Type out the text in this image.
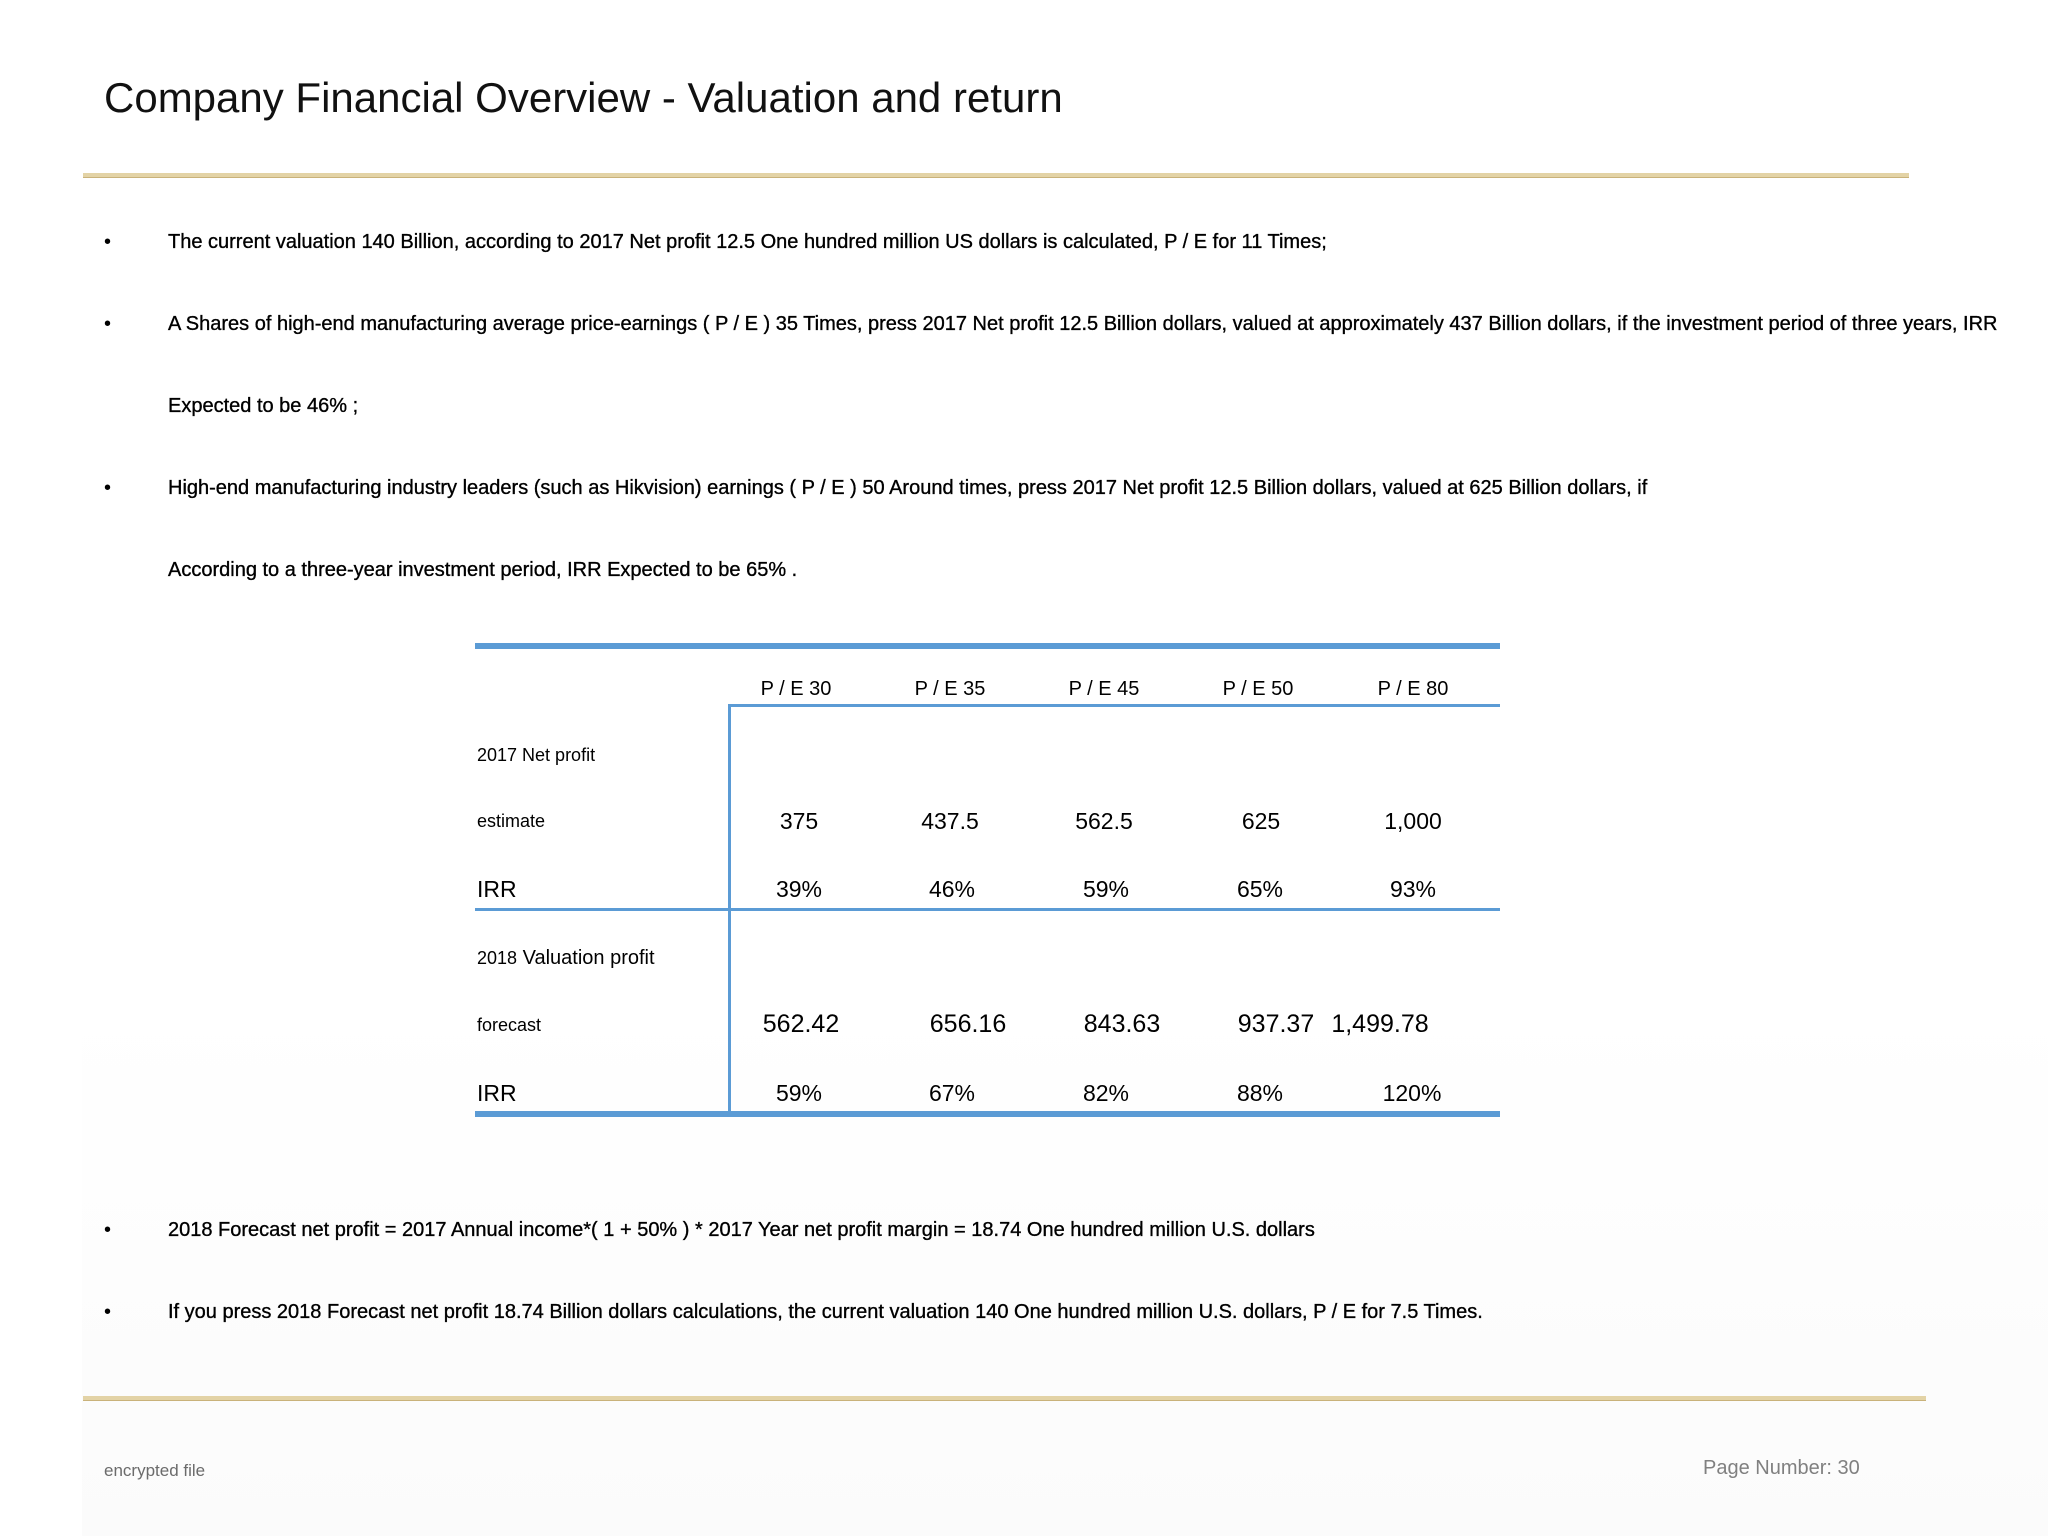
Company Financial Overview - Valuation and return
•	The current valuation 140 Billion, according to 2017 Net profit 12.5 One hundred million US dollars is calculated, P / E for 11 Times;
•	A Shares of high-end manufacturing average price-earnings ( P / E ) 35 Times, press 2017 Net profit 12.5 Billion dollars, valued at approximately 437 Billion dollars, if the investment period of three years, IRR
Expected to be 46% ;
•	High-end manufacturing industry leaders (such as Hikvision) earnings ( P / E ) 50 Around times, press 2017 Net profit 12.5 Billion dollars, valued at 625 Billion dollars, if
According to a three-year investment period, IRR Expected to be 65% .
P / E 30	P / E 35	P / E 45	P / E 50	P / E 80
2017 Net profit
estimate	375	437.5	562.5	625	1,000
IRR	39%	46%	59%	65%	93%
2018 Valuation profit
forecast	562.42	656.16	843.63	937.37 1,499.78
IRR	59%	67%	82%	88%	120%
•	2018 Forecast net profit = 2017 Annual income*( 1 + 50% ) * 2017 Year net profit margin = 18.74 One hundred million U.S. dollars
•	If you press 2018 Forecast net profit 18.74 Billion dollars calculations, the current valuation 140 One hundred million U.S. dollars, P / E for 7.5 Times.
encrypted file	Page Number: 30
